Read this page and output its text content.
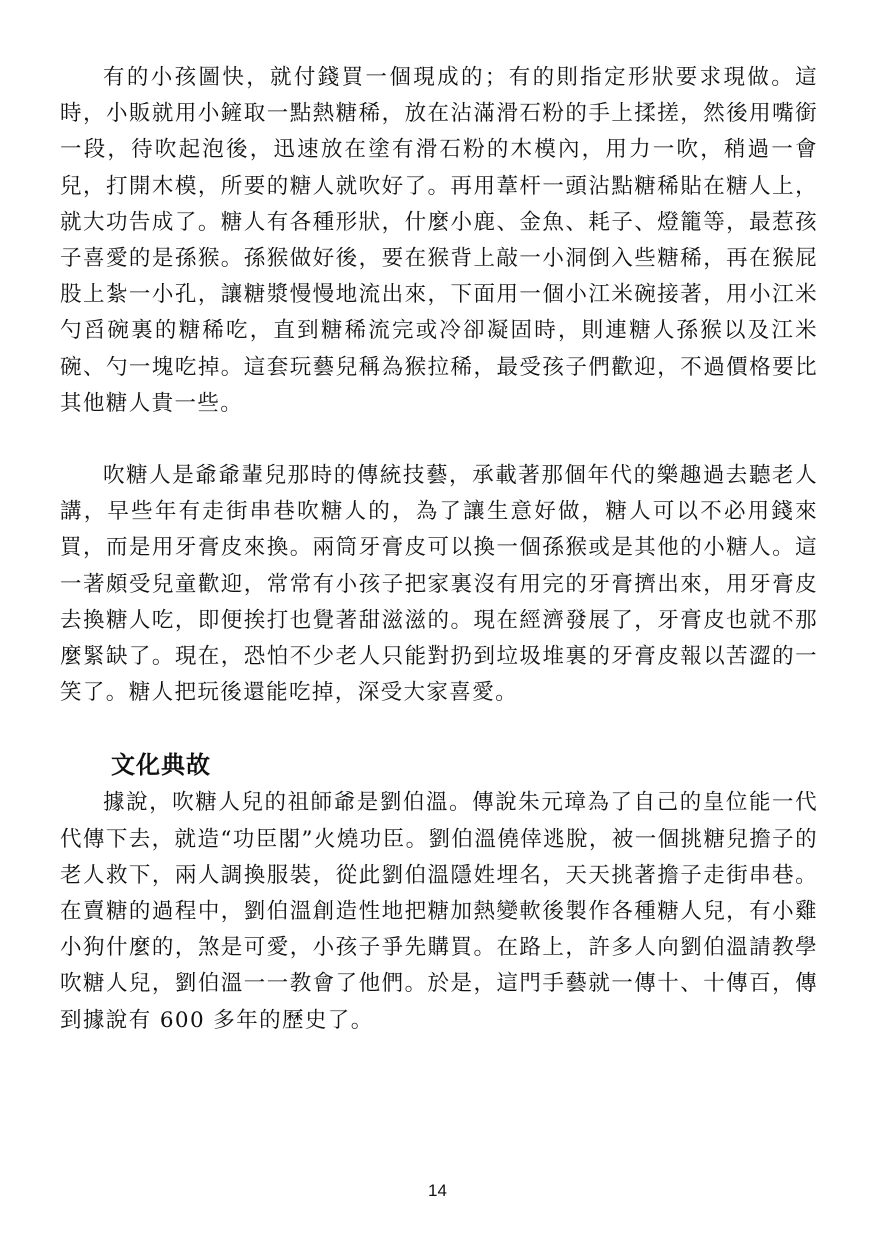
有的小孩圖快，就付錢買一個現成的；有的則指定形狀要求現做。這時，小販就用小鏟取一點熱糖稀，放在沾滿滑石粉的手上揉搓，然後用嘴銜一段，待吹起泡後，迅速放在塗有滑石粉的木模內，用力一吹，稍過一會兒，打開木模，所要的糖人就吹好了。再用葦杆一頭沾點糖稀貼在糖人上，就大功告成了。糖人有各種形狀，什麼小鹿、金魚、耗子、燈籠等，最惹孩子喜愛的是孫猴。孫猴做好後，要在猴背上敲一小洞倒入些糖稀，再在猴屁股上紮一小孔，讓糖漿慢慢地流出來，下面用一個小江米碗接著，用小江米勺舀碗裏的糖稀吃，直到糖稀流完或冷卻凝固時，則連糖人孫猴以及江米碗、勺一塊吃掉。這套玩藝兒稱為猴拉稀，最受孩子們歡迎，不過價格要比其他糖人貴一些。

吹糖人是爺爺輩兒那時的傳統技藝，承載著那個年代的樂趣過去聽老人講，早些年有走街串巷吹糖人的，為了讓生意好做，糖人可以不必用錢來買，而是用牙膏皮來換。兩筒牙膏皮可以換一個孫猴或是其他的小糖人。這一著頗受兒童歡迎，常常有小孩子把家裏沒有用完的牙膏擠出來，用牙膏皮去換糖人吃，即便挨打也覺著甜滋滋的。現在經濟發展了，牙膏皮也就不那麼緊缺了。現在，恐怕不少老人只能對扔到垃圾堆裏的牙膏皮報以苦澀的一笑了。糖人把玩後還能吃掉，深受大家喜愛。

文化典故

據說，吹糖人兒的祖師爺是劉伯溫。傳說朱元璋為了自己的皇位能一代代傳下去，就造“功臣閣”火燒功臣。劉伯溫僥倖逃脫，被一個挑糖兒擔子的老人救下，兩人調換服裝，從此劉伯溫隱姓埋名，天天挑著擔子走街串巷。在賣糖的過程中，劉伯溫創造性地把糖加熱變軟後製作各種糖人兒，有小雞小狗什麼的，煞是可愛，小孩子爭先購買。在路上，許多人向劉伯溫請教學吹糖人兒，劉伯溫一一教會了他們。於是，這門手藝就一傳十、十傳百，傳到據說有 600 多年的歷史了。

14
